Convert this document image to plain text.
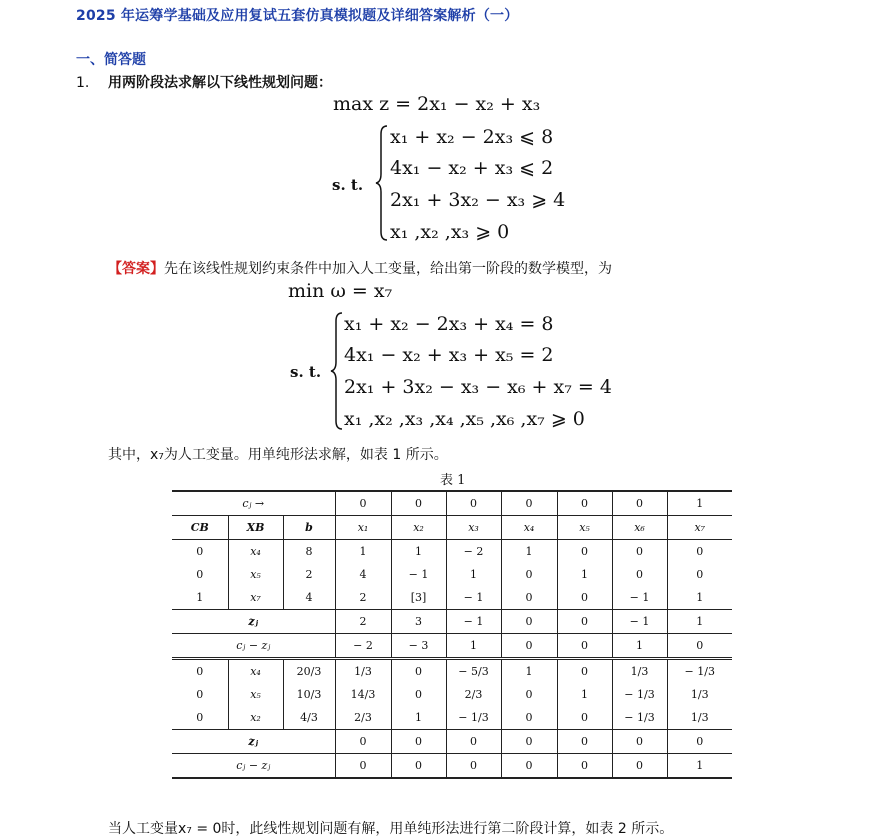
2025 年运筹学基础及应用复试五套仿真模拟题及详细答案解析（一）
一、简答题
1. 用两阶段法求解以下线性规划问题：
max z = 2x₁ − x₂ + x₃
s. t.
x₁ + x₂ − 2x₃ ⩽ 8
4x₁ − x₂ + x₃ ⩽ 2
2x₁ + 3x₂ − x₃ ⩾ 4
x₁ ,x₂ ,x₃ ⩾ 0
【答案】先在该线性规划约束条件中加入人工变量，给出第一阶段的数学模型，为
min ω = x₇
s. t.
x₁ + x₂ − 2x₃ + x₄ = 8
4x₁ − x₂ + x₃ + x₅ = 2
2x₁ + 3x₂ − x₃ − x₆ + x₇ = 4
x₁ ,x₂ ,x₃ ,x₄ ,x₅ ,x₆ ,x₇ ⩾ 0
其中，x₇为人工变量。用单纯形法求解，如表 1 所示。
表 1
cⱼ →			0	0	0	0	0	0	1
CB	XB	b	x₁	x₂	x₃	x₄	x₅	x₆	x₇
0	x₄	8	1	1	− 2	1	0	0	0
0	x₅	2	4	− 1	1	0	1	0	0
1	x₇	4	2	[3]	− 1	0	0	− 1	1
zⱼ			2	3	− 1	0	0	− 1	1
cⱼ − zⱼ			− 2	− 3	1	0	0	1	0
0	x₄	20/3	1/3	0	− 5/3	1	0	1/3	− 1/3
0	x₅	10/3	14/3	0	2/3	0	1	− 1/3	1/3
0	x₂	4/3	2/3	1	− 1/3	0	0	− 1/3	1/3
zⱼ			0	0	0	0	0	0	0
cⱼ − zⱼ			0	0	0	0	0	0	1
当人工变量x₇ = 0时，此线性规划问题有解，用单纯形法进行第二阶段计算，如表 2 所示。
